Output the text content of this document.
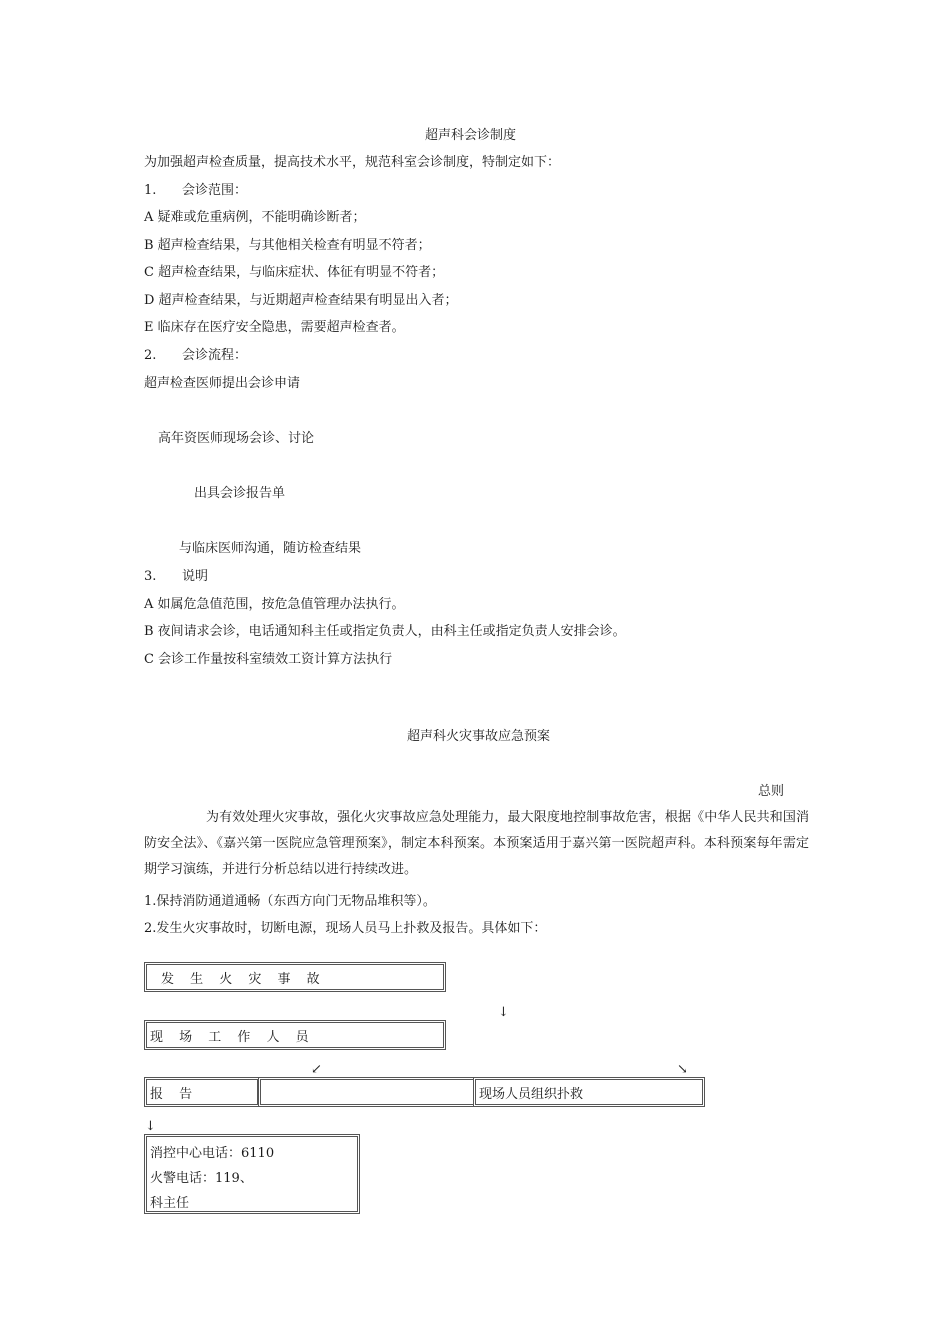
超声科会诊制度
为加强超声检查质量，提高技术水平，规范科室会诊制度，特制定如下：
1. 会诊范围：
A 疑难或危重病例，不能明确诊断者；
B 超声检查结果，与其他相关检查有明显不符者；
C 超声检查结果，与临床症状、体征有明显不符者；
D 超声检查结果，与近期超声检查结果有明显出入者；
E 临床存在医疗安全隐患，需要超声检查者。
2. 会诊流程：
超声检查医师提出会诊申请
高年资医师现场会诊、讨论
出具会诊报告单
与临床医师沟通，随访检查结果
3. 说明
A 如属危急值范围，按危急值管理办法执行。
B 夜间请求会诊，电话通知科主任或指定负责人，由科主任或指定负责人安排会诊。
C 会诊工作量按科室绩效工资计算方法执行
超声科火灾事故应急预案
总则
为有效处理火灾事故，强化火灾事故应急处理能力，最大限度地控制事故危害，根据《中华人民共和国消防安全法》、《嘉兴第一医院应急管理预案》，制定本科预案。本预案适用于嘉兴第一医院超声科。本科预案每年需定期学习演练，并进行分析总结以进行持续改进。
1.保持消防通道通畅（东西方向门无物品堆积等）。
2.发生火灾事故时，切断电源，现场人员马上扑救及报告。具体如下：
发 生 火 灾 事 故
↓
现 场 工 作 人 员
↙	↘
报 告	现场人员组织扑救
↓
消控中心电话：6110
火警电话：119、
科主任
